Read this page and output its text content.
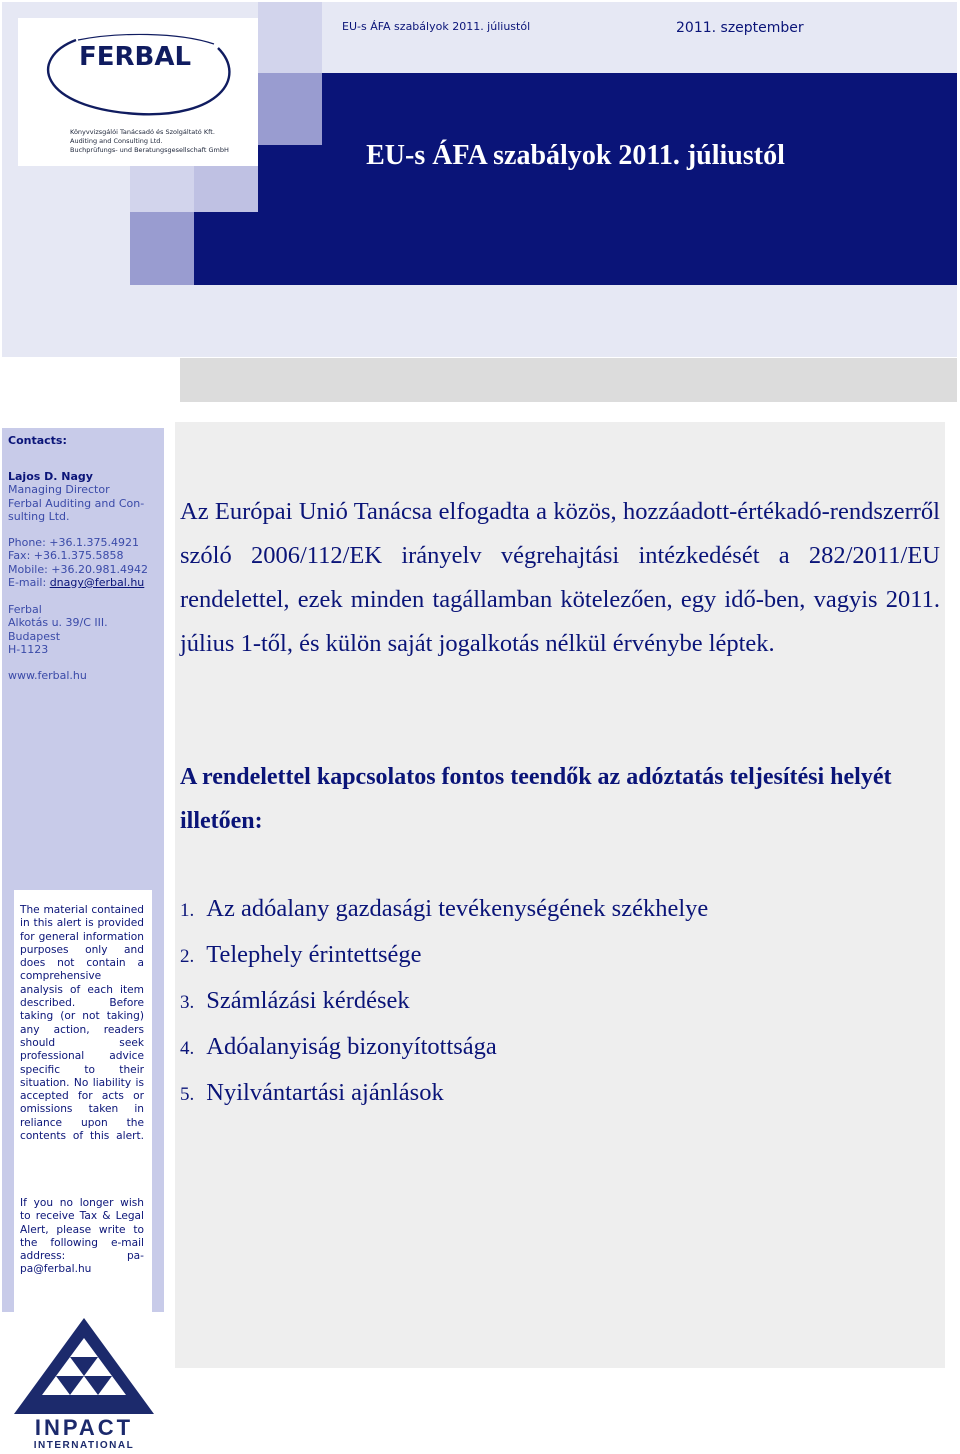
EU-s ÁFA szabályok 2011. júliustól	2011. szeptember
EU-s ÁFA szabályok 2011. júliustól
FERBAL
Könyvvizsgálói Tanácsadó és Szolgáltató Kft.
Auditing and Consulting Ltd.
Buchprüfungs- und Beratungsgesellschaft GmbH
Contacts:
Lajos D. Nagy
Managing Director
Ferbal Auditing and Con-
sulting Ltd.
Phone: +36.1.375.4921
Fax: +36.1.375.5858
Mobile: +36.20.981.4942
E-mail: dnagy@ferbal.hu
Ferbal
Alkotás u. 39/C III.
Budapest
H-1123
www.ferbal.hu
The material contained in this alert is provided for general information purposes only and does not contain a comprehensive analysis of each item described. Before taking (or not taking) any action, readers should seek professional advice specific to their situation. No liability is accepted for acts or omissions taken in reliance upon the contents of this alert.
If you no longer wish to receive Tax & Legal Alert, please write to the following e-mail address: pa-pa@ferbal.hu
Az Európai Unió Tanácsa elfogadta a közös, hozzáadott-értékadó-rendszerről szóló 2006/112/EK irányelv végrehajtási intézkedését a 282/2011/EU rendelettel, ezek minden tagállamban kötelezően, egy idő-ben, vagyis 2011. július 1-től, és külön saját jogalkotás nélkül érvénybe léptek.
A rendelettel kapcsolatos fontos teendők az adóztatás teljesítési helyét illetően:
1. Az adóalany gazdasági tevékenységének székhelye
2. Telephely érintettsége
3. Számlázási kérdések
4. Adóalanyiság bizonyítottsága
5. Nyilvántartási ajánlások
INPACT
INTERNATIONAL
